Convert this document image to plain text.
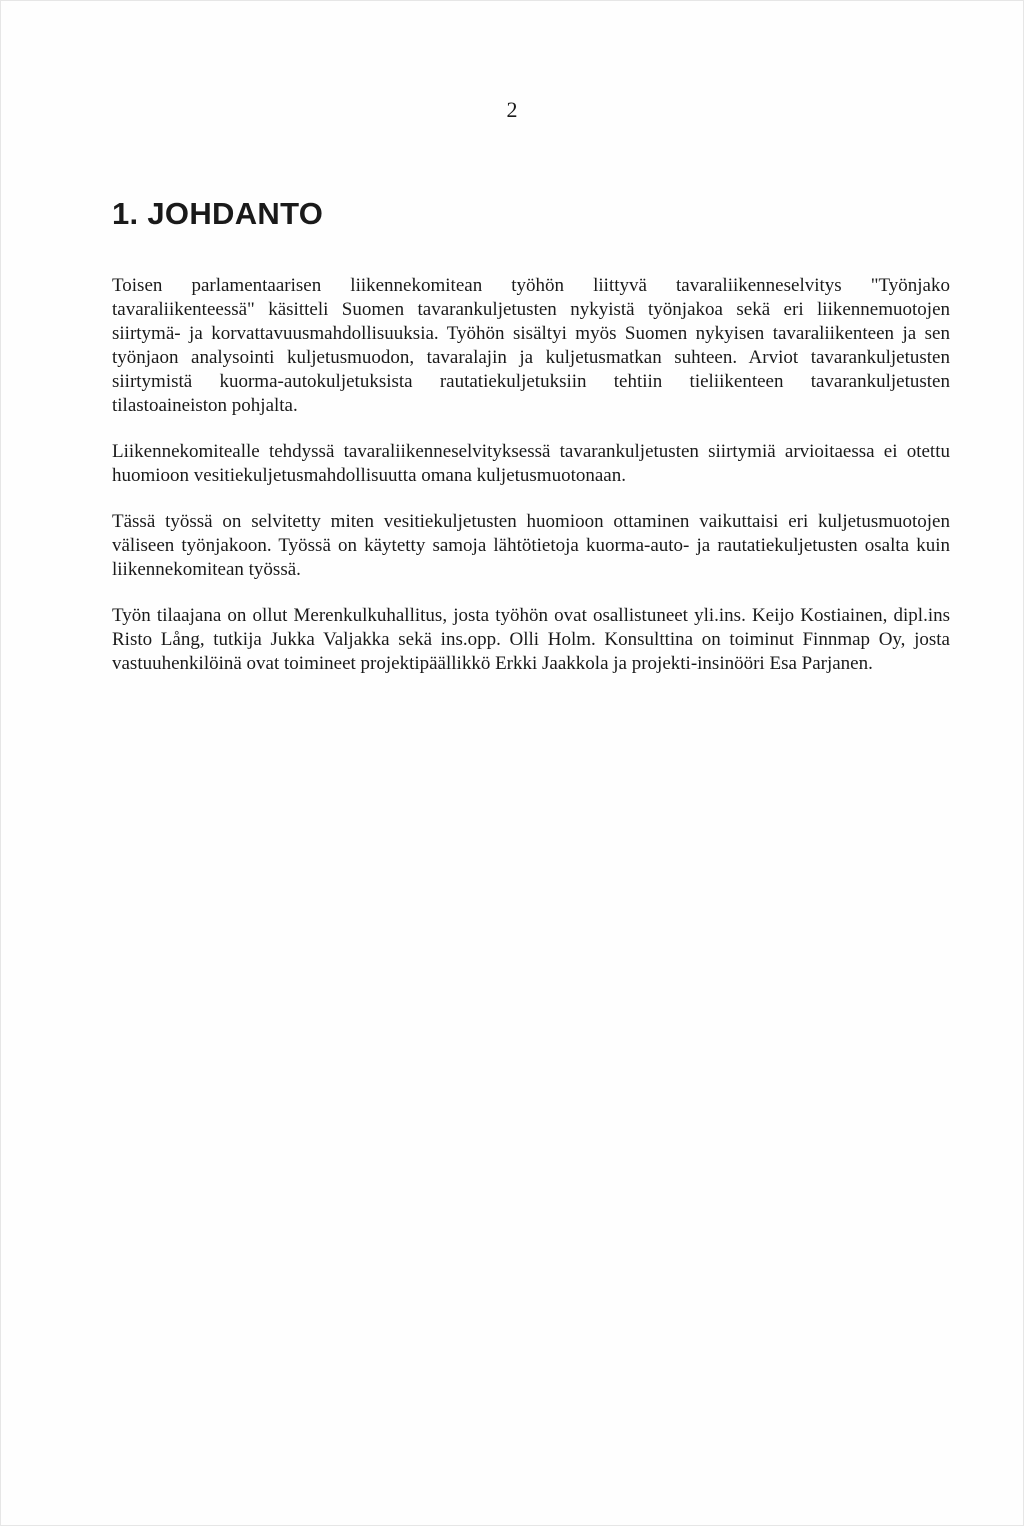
2
1. JOHDANTO

Toisen parlamentaarisen liikennekomitean työhön liittyvä tavaraliikenneselvitys "Työnjako tavaraliikenteessä" käsitteli Suomen tavarankuljetusten nykyistä työnjakoa sekä eri liikennemuotojen siirtymä- ja korvattavuusmahdollisuuksia. Työhön sisältyi myös Suomen nykyisen tavaraliikenteen ja sen työnjaon analysointi kuljetusmuodon, tavaralajin ja kuljetusmatkan suhteen. Arviot tavarankuljetusten siirtymistä kuorma-autokuljetuksista rautatiekuljetuksiin tehtiin tieliikenteen tavarankuljetusten tilastoaineiston pohjalta.

Liikennekomitealle tehdyssä tavaraliikenneselvityksessä tavarankuljetusten siirtymiä arvioitaessa ei otettu huomioon vesitiekuljetusmahdollisuutta omana kuljetusmuotonaan.

Tässä työssä on selvitetty miten vesitiekuljetusten huomioon ottaminen vaikuttaisi eri kuljetusmuotojen väliseen työnjakoon. Työssä on käytetty samoja lähtötietoja kuorma-auto- ja rautatiekuljetusten osalta kuin liikennekomitean työssä.

Työn tilaajana on ollut Merenkulkuhallitus, josta työhön ovat osallistuneet yli.ins. Keijo Kostiainen, dipl.ins Risto Lång, tutkija Jukka Valjakka sekä ins.opp. Olli Holm. Konsulttina on toiminut Finnmap Oy, josta vastuuhenkilöinä ovat toimineet projektipäällikkö Erkki Jaakkola ja projekti-insinööri Esa Parjanen.
